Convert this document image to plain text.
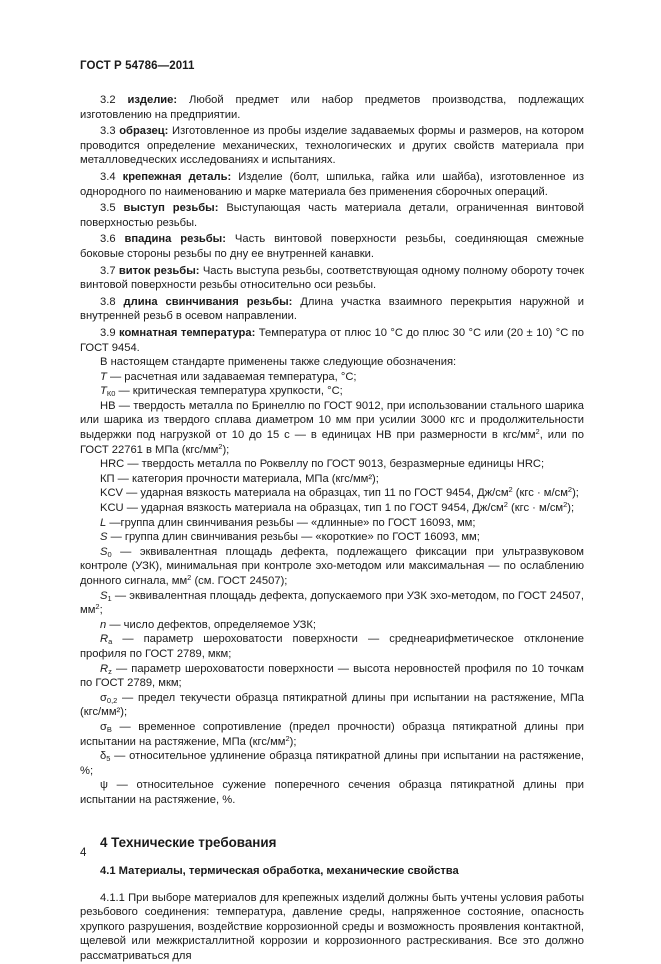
ГОСТ Р 54786—2011

3.2 изделие: Любой предмет или набор предметов производства, подлежащих изготовлению на предприятии.

3.3 образец: Изготовленное из пробы изделие задаваемых формы и размеров, на котором проводится определение механических, технологических и других свойств материала при металловедческих исследованиях и испытаниях.

3.4 крепежная деталь: Изделие (болт, шпилька, гайка или шайба), изготовленное из однородного по наименованию и марке материала без применения сборочных операций.

3.5 выступ резьбы: Выступающая часть материала детали, ограниченная винтовой поверхностью резьбы.

3.6 впадина резьбы: Часть винтовой поверхности резьбы, соединяющая смежные боковые стороны резьбы по дну ее внутренней канавки.

3.7 виток резьбы: Часть выступа резьбы, соответствующая одному полному обороту точек винтовой поверхности резьбы относительно оси резьбы.

3.8 длина свинчивания резьбы: Длина участка взаимного перекрытия наружной и внутренней резьб в осевом направлении.

3.9 комнатная температура: Температура от плюс 10 °С до плюс 30 °С или (20 ± 10) °С по ГОСТ 9454.

В настоящем стандарте применены также следующие обозначения:

T — расчетная или задаваемая температура, °С;

$T_{К0}$ — критическая температура хрупкости, °С;

НВ — твердость металла по Бринеллю по ГОСТ 9012, при использовании стального шарика или шарика из твердого сплава диаметром 10 мм при усилии 3000 кгс и продолжительности выдержки под нагрузкой от 10 до 15 с — в единицах НВ при размерности в кгс/$мм^2$, или по ГОСТ 22761 в МПа $(кгс/мм^2)$;

HRC — твердость металла по Роквеллу по ГОСТ 9013, безразмерные единицы HRC;

КП — категория прочности материала, МПа (кгс/мм²);

KCV — ударная вязкость материала на образцах, тип 11 по ГОСТ 9454, $Дж/см^2$ $(кгс \cdot м/см^2)$;

KCU — ударная вязкость материала на образцах, тип 1 по ГОСТ 9454, $Дж/см^2$ $(кгс \cdot м/см^2)$;

L —группа длин свинчивания резьбы — «длинные» по ГОСТ 16093, мм;

S — группа длин свинчивания резьбы — «короткие» по ГОСТ 16093, мм;

$S_0$ — эквивалентная площадь дефекта, подлежащего фиксации при ультразвуковом контроле (УЗК), минимальная при контроле эхо-методом или максимальная — по ослаблению донного сигнала, $мм^2$ (см. ГОСТ 24507);

$S_1$ — эквивалентная площадь дефекта, допускаемого при УЗК эхо-методом, по ГОСТ 24507, $мм^2$;

n — число дефектов, определяемое УЗК;

$R_a$ — параметр шероховатости поверхности — среднеарифметическое отклонение профиля по ГОСТ 2789, мкм;

$R_z$ — параметр шероховатости поверхности — высота неровностей профиля по 10 точкам по ГОСТ 2789, мкм;

$\sigma_{0,2}$ — предел текучести образца пятикратной длины при испытании на растяжение, МПа (кгс/мм²);

$\sigma_В$ — временное сопротивление (предел прочности) образца пятикратной длины при испытании на растяжение, МПа $(кгс/мм^2)$;

$\delta_5$ — относительное удлинение образца пятикратной длины при испытании на растяжение, %;

ψ — относительное сужение поперечного сечения образца пятикратной длины при испытании на растяжение, %.

4 Технические требования
4.1 Материалы, термическая обработка, механические свойства

4.1.1 При выборе материалов для крепежных изделий должны быть учтены условия работы резьбового соединения: температура, давление среды, напряженное состояние, опасность хрупкого разрушения, воздействие коррозионной среды и возможность проявления контактной, щелевой или межкристаллитной коррозии и коррозионного растрескивания. Все это должно рассматриваться для

4
